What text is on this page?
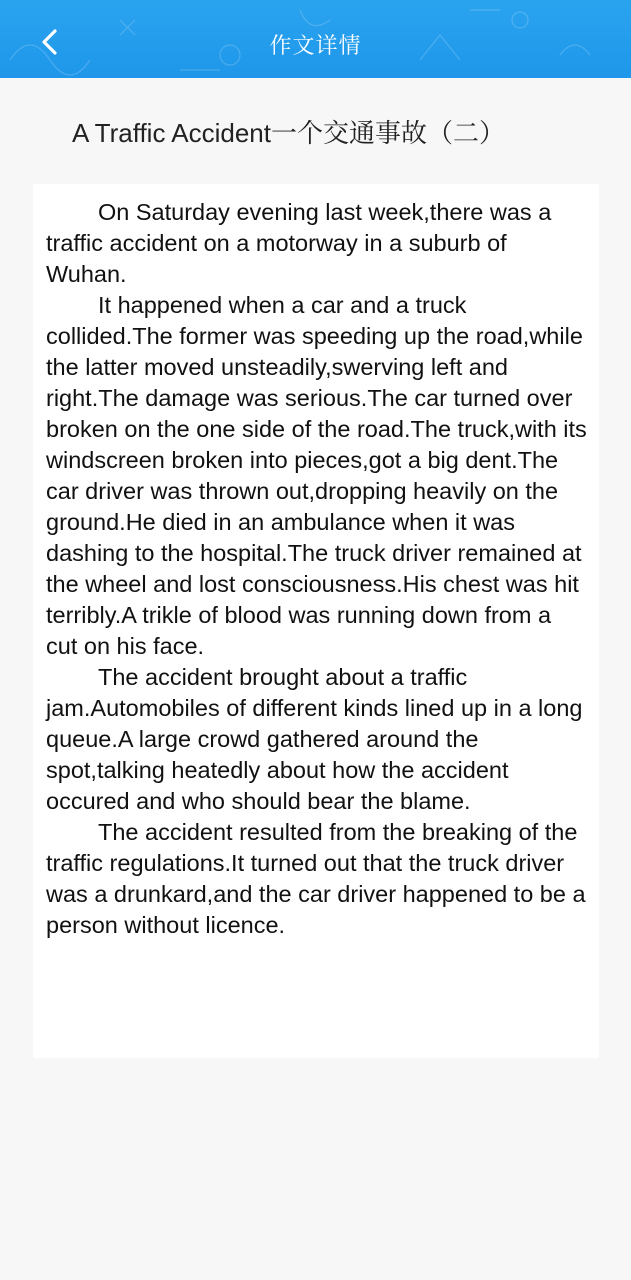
作文详情
A Traffic Accident一个交通事故（二）

On Saturday evening last week,there was a traffic accident on a motorway in a suburb of Wuhan.

It happened when a car and a truck collided.The former was speeding up the road,while the latter moved unsteadily,swerving left and right.The damage was serious.The car turned over broken on the one side of the road.The truck,with its windscreen broken into pieces,got a big dent.The car driver was thrown out,dropping heavily on the ground.He died in an ambulance when it was dashing to the hospital.The truck driver remained at the wheel and lost consciousness.His chest was hit terribly.A trikle of blood was running down from a cut on his face.

The accident brought about a traffic jam.Automobiles of different kinds lined up in a long queue.A large crowd gathered around the spot,talking heatedly about how the accident occured and who should bear the blame.

The accident resulted from the breaking of the traffic regulations.It turned out that the truck driver was a drunkard,and the car driver happened to be a person without licence.
